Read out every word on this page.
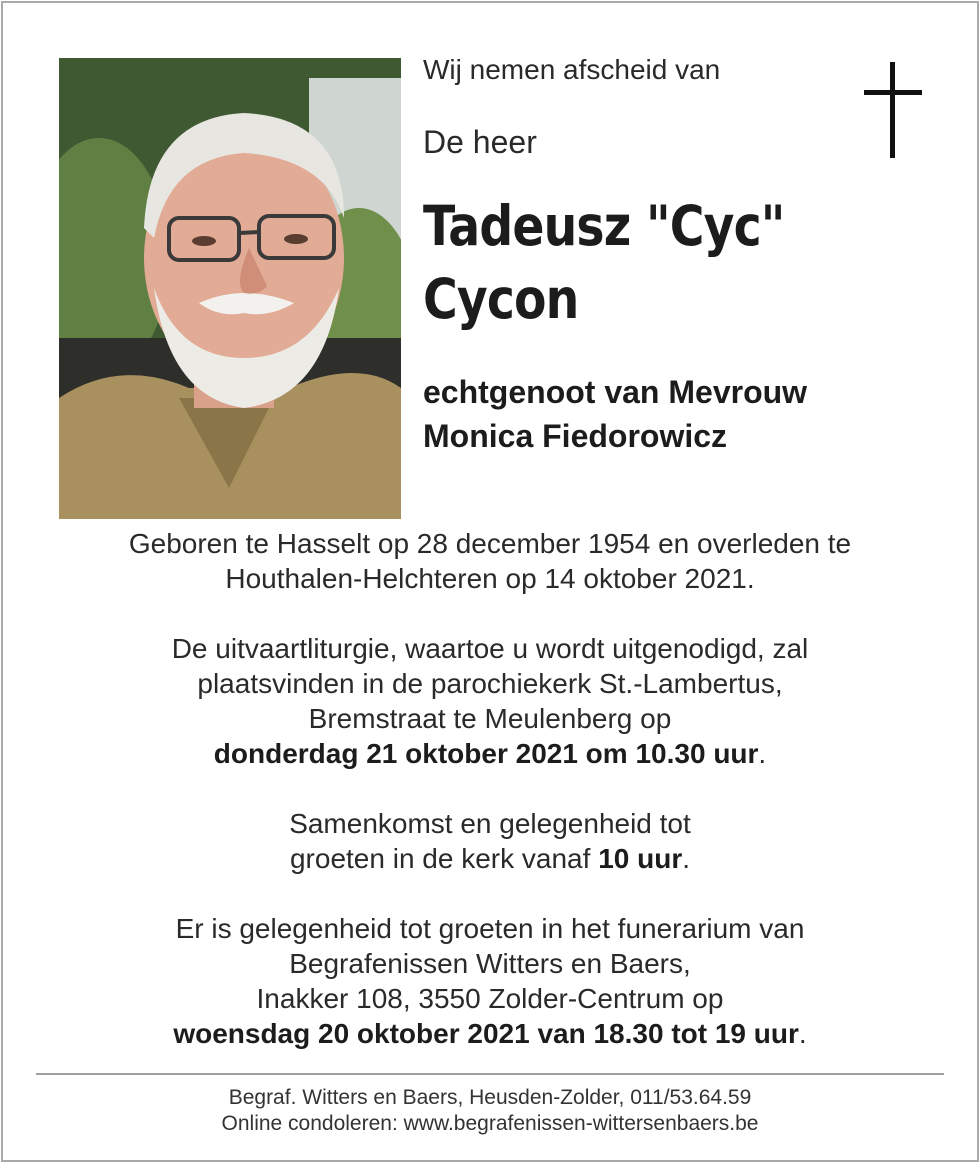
Wij nemen afscheid van
De heer
Tadeusz "Cyc"
Cycon
echtgenoot van Mevrouw
Monica Fiedorowicz

Geboren te Hasselt op 28 december 1954 en overleden te
Houthalen-Helchteren op 14 oktober 2021.

De uitvaartliturgie, waartoe u wordt uitgenodigd, zal
plaatsvinden in de parochiekerk St.-Lambertus,
Bremstraat te Meulenberg op
donderdag 21 oktober 2021 om 10.30 uur.

Samenkomst en gelegenheid tot
groeten in de kerk vanaf 10 uur.

Er is gelegenheid tot groeten in het funerarium van
Begrafenissen Witters en Baers,
Inakker 108, 3550 Zolder-Centrum op
woensdag 20 oktober 2021 van 18.30 tot 19 uur.

Begraf. Witters en Baers, Heusden-Zolder, 011/53.64.59
Online condoleren: www.begrafenissen-wittersenbaers.be
